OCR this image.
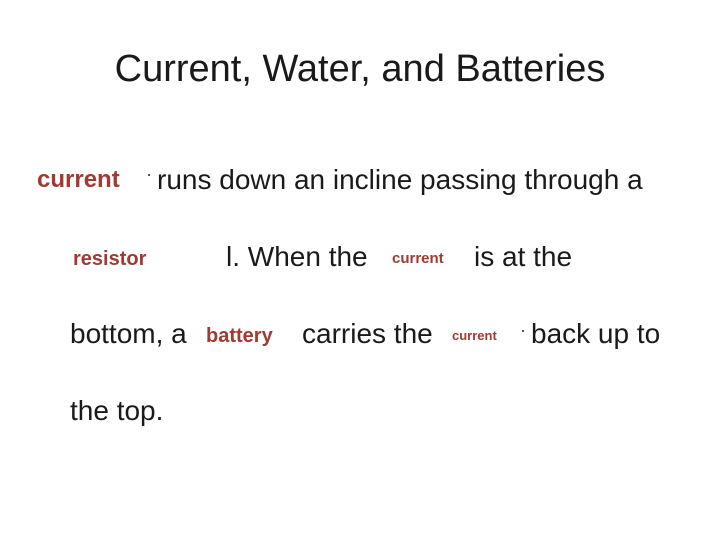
Current, Water, and Batteries
current runs down an incline passing through a
resistor	l. When the current is at the
bottom, a battery carries the current back up to
the top.
